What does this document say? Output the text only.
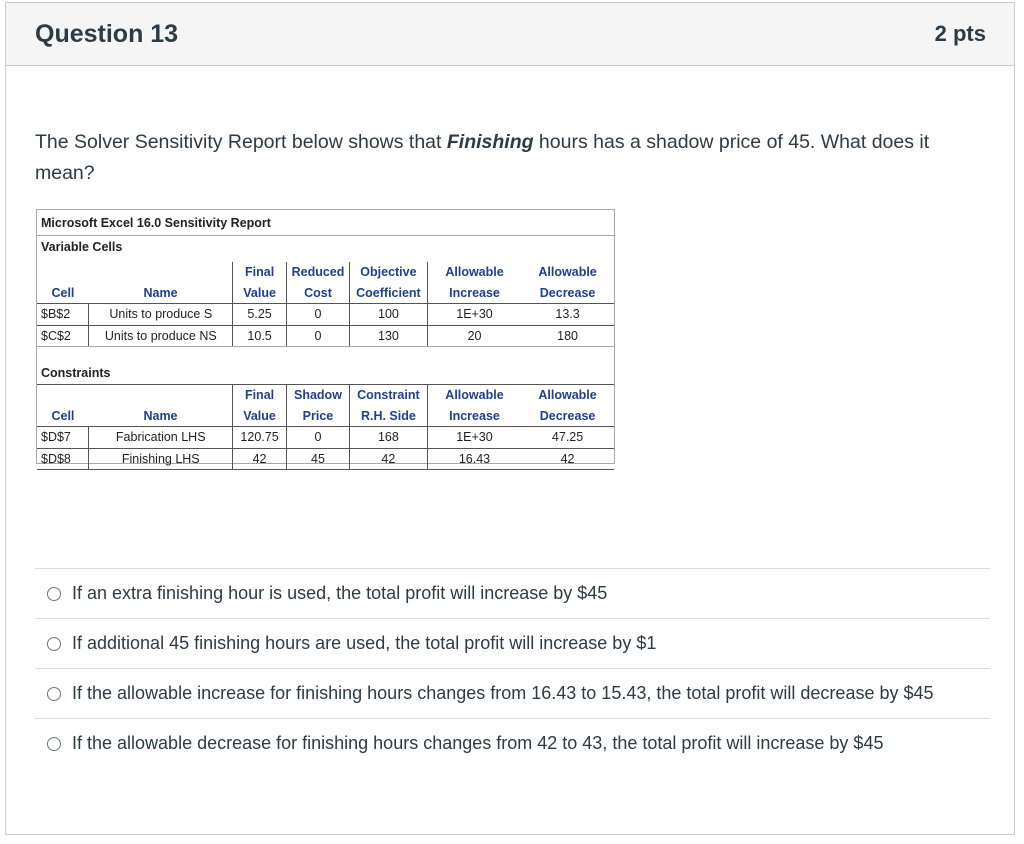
Question 13	2 pts
The Solver Sensitivity Report below shows that Finishing hours has a shadow price of 45. What does it mean?
Microsoft Excel 16.0 Sensitivity Report
Variable Cells
		Final	Reduced	Objective	Allowable	Allowable
Cell	Name	Value	Cost	Coefficient	Increase	Decrease
$B$2	Units to produce S	5.25	0	100	1E+30	13.3
$C$2	Units to produce NS	10.5	0	130	20	180
Constraints
		Final	Shadow	Constraint	Allowable	Allowable
Cell	Name	Value	Price	R.H. Side	Increase	Decrease
$D$7	Fabrication LHS	120.75	0	168	1E+30	47.25
$D$8	Finishing LHS	42	45	42	16.43	42
If an extra finishing hour is used, the total profit will increase by $45
If additional 45 finishing hours are used, the total profit will increase by $1
If the allowable increase for finishing hours changes from 16.43 to 15.43, the total profit will decrease by $45
If the allowable decrease for finishing hours changes from 42 to 43, the total profit will increase by $45
